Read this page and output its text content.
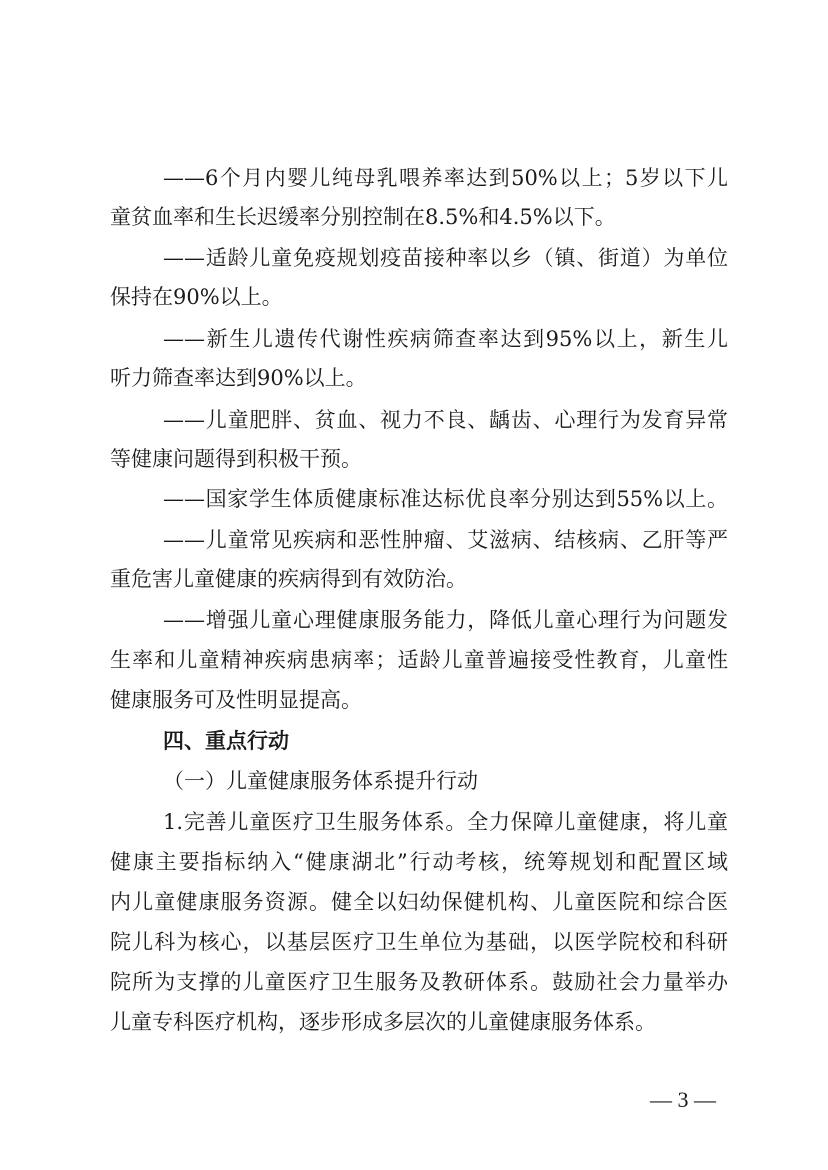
——6个月内婴儿纯母乳喂养率达到50%以上；5岁以下儿
童贫血率和生长迟缓率分别控制在8.5%和4.5%以下。
——适龄儿童免疫规划疫苗接种率以乡（镇、街道）为单位
保持在90%以上。
——新生儿遗传代谢性疾病筛查率达到95%以上，新生儿
听力筛查率达到90%以上。
——儿童肥胖、贫血、视力不良、龋齿、心理行为发育异常
等健康问题得到积极干预。
——国家学生体质健康标准达标优良率分别达到55%以上。
——儿童常见疾病和恶性肿瘤、艾滋病、结核病、乙肝等严
重危害儿童健康的疾病得到有效防治。
——增强儿童心理健康服务能力，降低儿童心理行为问题发
生率和儿童精神疾病患病率；适龄儿童普遍接受性教育，儿童性
健康服务可及性明显提高。
四、重点行动
（一）儿童健康服务体系提升行动
1.完善儿童医疗卫生服务体系。全力保障儿童健康，将儿童
健康主要指标纳入“健康湖北”行动考核，统筹规划和配置区域
内儿童健康服务资源。健全以妇幼保健机构、儿童医院和综合医
院儿科为核心，以基层医疗卫生单位为基础，以医学院校和科研
院所为支撑的儿童医疗卫生服务及教研体系。鼓励社会力量举办
儿童专科医疗机构，逐步形成多层次的儿童健康服务体系。
— 3 —
